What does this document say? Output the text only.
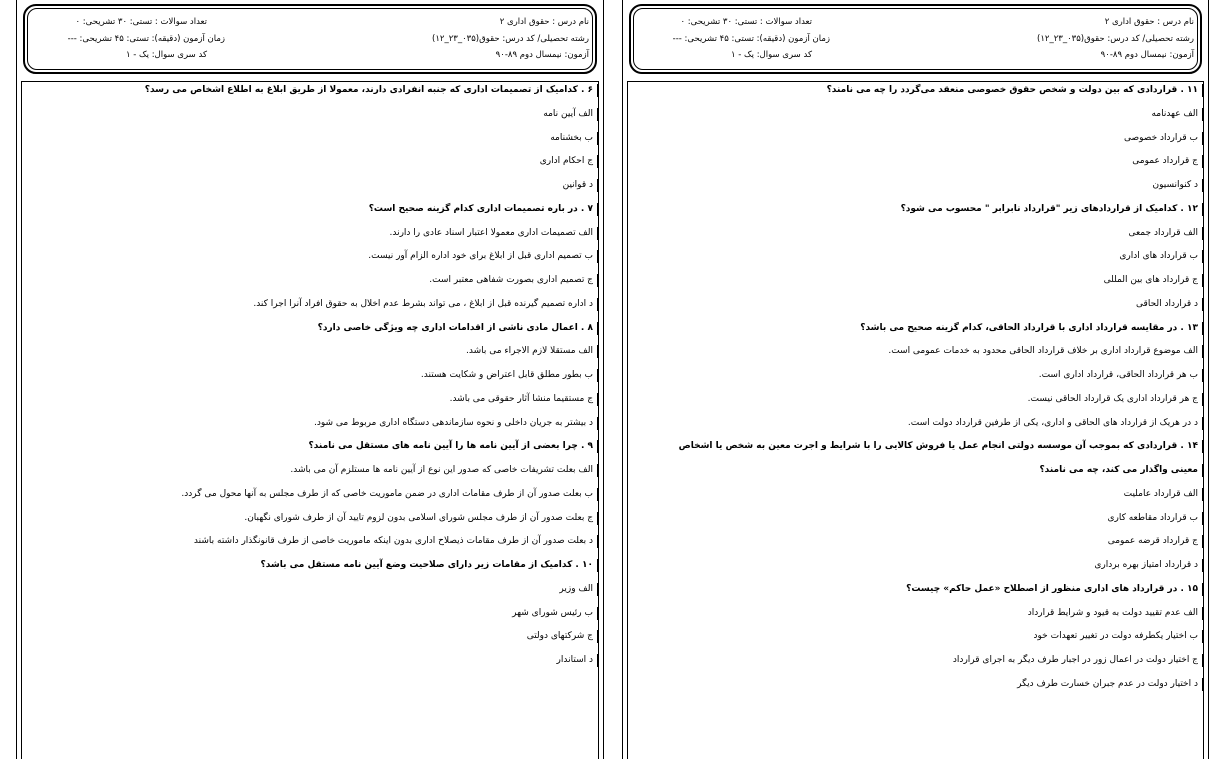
نام درس : حقوق اداری ۲
رشته تحصیلی/ کد درس: حقوق(۰۳۵_۲۳_۱۲)
آزمون: نیمسال دوم ۸۹-۹۰
تعداد سوالات : تستی: ۳۰ تشریحی: ۰
زمان آزمون (دقیقه): تستی: ۴۵ تشریحی: ---
کد سری سوال: یک - ۱
۱۱ . قراردادی که بین دولت و شخص حقوق خصوصی منعقد می‌گردد را چه می نامند؟
الف عهدنامه
ب قرارداد خصوصی
ج قرارداد عمومی
د کنوانسیون
۱۲ . کدامیک از قراردادهای زیر "قرارداد نابرابر " محسوب می شود؟
الف قرارداد جمعی
ب قرارداد های اداری
ج قرارداد های بین المللی
د قرارداد الحاقی
۱۳ . در مقایسه قرارداد اداری با قرارداد الحاقی، کدام گزینه صحیح می باشد؟
الف موضوع قرارداد اداری بر خلاف قرارداد الحاقی محدود به خدمات عمومی است.
ب هر قرارداد الحاقی، قرارداد اداری است.
ج هر قرارداد اداری یک قرارداد الحاقی نیست.
د در هریک از قرارداد های الحاقی و اداری، یکی از طرفین قرارداد دولت است.
۱۴ . قراردادی که بموجب آن موسسه دولتی انجام عمل یا فروش کالایی را با شرایط و اجرت معین به شخص یا اشخاص
معینی واگذار می کند، چه می نامند؟
الف قرارداد عاملیت
ب قرارداد مقاطعه کاری
ج قرارداد قرضه عمومی
د قرارداد امتیاز بهره برداری
۱۵ . در قرارداد های اداری منظور از اصطلاح «عمل حاکم» چیست؟
الف عدم تقیید دولت به قیود و شرایط قرارداد
ب اختیار یکطرفه دولت در تغییر تعهدات خود
ج اختیار دولت در اعمال زور در اجبار طرف دیگر به اجرای قرارداد
د اختیار دولت در عدم جبران خسارت طرف دیگر
نام درس : حقوق اداری ۲
رشته تحصیلی/ کد درس: حقوق(۰۳۵_۲۳_۱۲)
آزمون: نیمسال دوم ۸۹-۹۰
تعداد سوالات : تستی: ۳۰ تشریحی: ۰
زمان آزمون (دقیقه): تستی: ۴۵ تشریحی: ---
کد سری سوال: یک - ۱
۶ . کدامیک از تصمیمات اداری که جنبه انفرادی دارند، معمولا از طریق ابلاغ به اطلاع اشخاص می رسد؟
الف آیین نامه
ب بخشنامه
ج احکام اداری
د قوانین
۷ . در باره تصمیمات اداری کدام گزینه صحیح است؟
الف تصمیمات اداری معمولا اعتبار اسناد عادی را دارند.
ب تصمیم اداری قبل از ابلاغ برای خود اداره الزام آور نیست.
ج تصمیم اداری بصورت شفاهی معتبر است.
د اداره تصمیم گیرنده قبل از ابلاغ ، می تواند بشرط عدم اخلال به حقوق افراد آنرا اجرا کند.
۸ . اعمال مادی ناشی از اقدامات اداری چه ویژگی خاصی دارد؟
الف مستقلا لازم الاجراء می باشد.
ب بطور مطلق قابل اعتراض و شکایت هستند.
ج مستقیما منشا آثار حقوقی می باشد.
د بیشتر به جریان داخلی و نحوه سازماندهی دستگاه اداری مربوط می شود.
۹ . چرا بعضی از آیین نامه ها را آیین نامه های مستقل می نامند؟
الف بعلت تشریفات خاصی که صدور این نوع از آیین نامه ها مستلزم آن می باشد.
ب بعلت صدور آن از طرف مقامات اداری در ضمن ماموریت خاصی که از طرف مجلس به آنها محول می گردد.
ج بعلت صدور آن از طرف مجلس شورای اسلامی بدون لزوم تایید آن از طرف شورای نگهبان.
د بعلت صدور آن از طرف مقامات ذیصلاح اداری بدون اینکه ماموریت خاصی از طرف قانونگذار داشته باشند
۱۰ . کدامیک از مقامات زیر دارای صلاحیت وضع آیین نامه مستقل می باشد؟
الف وزیر
ب رئیس شورای شهر
ج شرکتهای دولتی
د استاندار
